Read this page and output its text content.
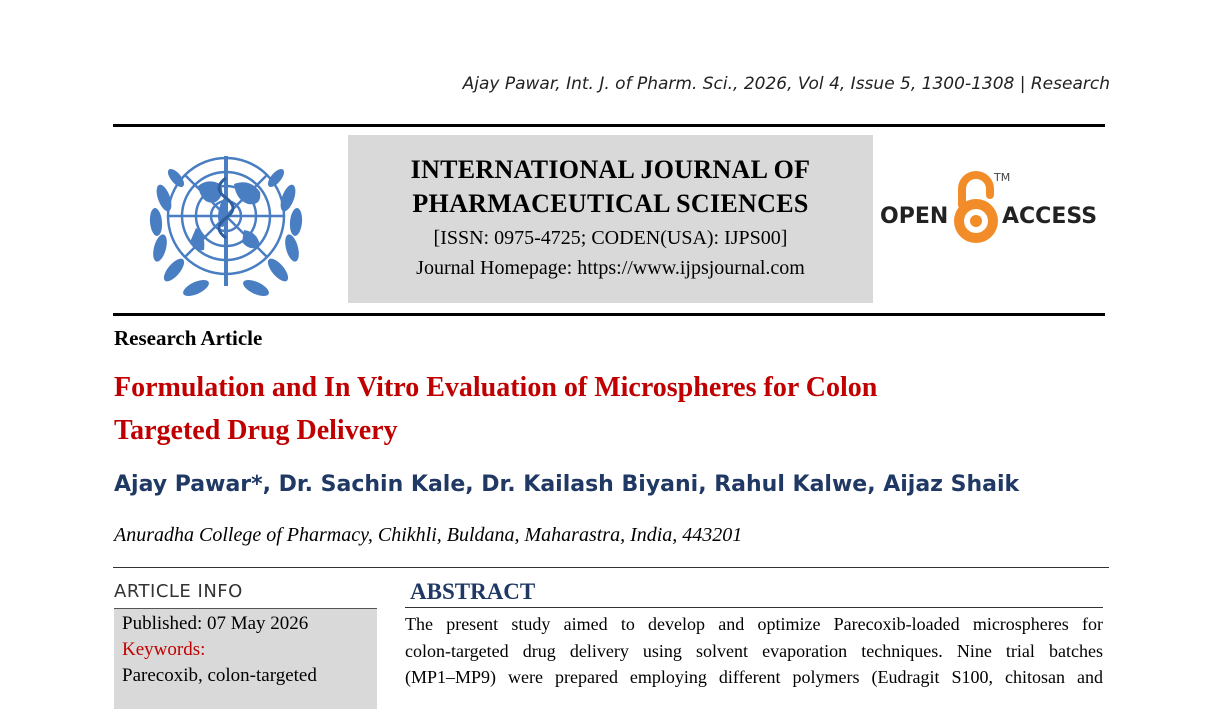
Ajay Pawar, Int. J. of Pharm. Sci., 2026, Vol 4, Issue 5, 1300-1308 | Research
INTERNATIONAL JOURNAL OF
PHARMACEUTICAL SCIENCES
[ISSN: 0975-4725; CODEN(USA): IJPS00]
Journal Homepage: https://www.ijpsjournal.com
OPEN ACCESS
TM
Research Article
Formulation and In Vitro Evaluation of Microspheres for Colon
Targeted Drug Delivery
Ajay Pawar*, Dr. Sachin Kale, Dr. Kailash Biyani, Rahul Kalwe, Aijaz Shaik
Anuradha College of Pharmacy, Chikhli, Buldana, Maharastra, India, 443201
ARTICLE INFO
Published: 07 May 2026
Keywords:
Parecoxib, colon-targeted
ABSTRACT
The present study aimed to develop and optimize Parecoxib-loaded microspheres for
colon-targeted drug delivery using solvent evaporation techniques. Nine trial batches
(MP1–MP9) were prepared employing different polymers (Eudragit S100, chitosan and
